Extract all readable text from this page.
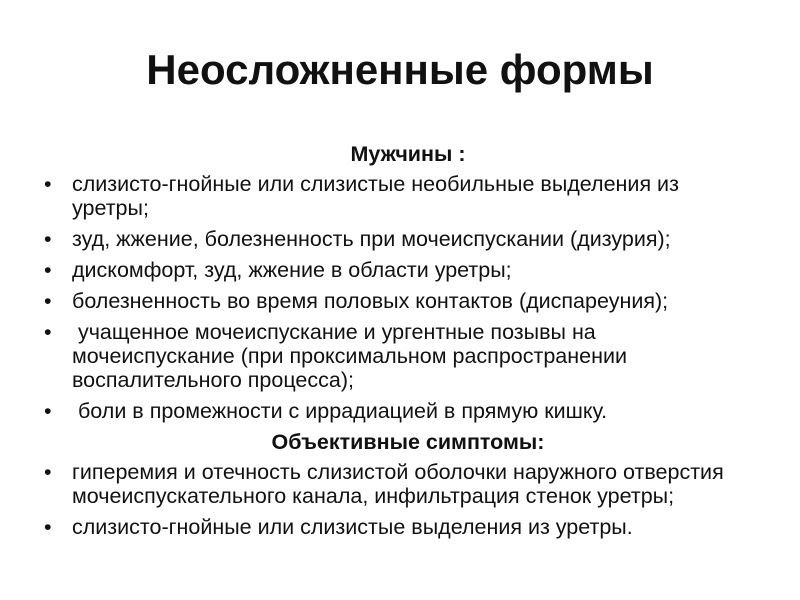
Неосложненные формы
Мужчины :
• слизисто-гнойные или слизистые необильные выделения из уретры;
• зуд, жжение, болезненность при мочеиспускании (дизурия);
• дискомфорт, зуд, жжение в области уретры;
• болезненность во время половых контактов (диспареуния);
• учащенное мочеиспускание и ургентные позывы на мочеиспускание (при проксимальном распространении воспалительного процесса);
• боли в промежности с иррадиацией в прямую кишку.
Объективные симптомы:
• гиперемия и отечность слизистой оболочки наружного отверстия мочеиспускательного канала, инфильтрация стенок уретры;
• слизисто-гнойные или слизистые выделения из уретры.
